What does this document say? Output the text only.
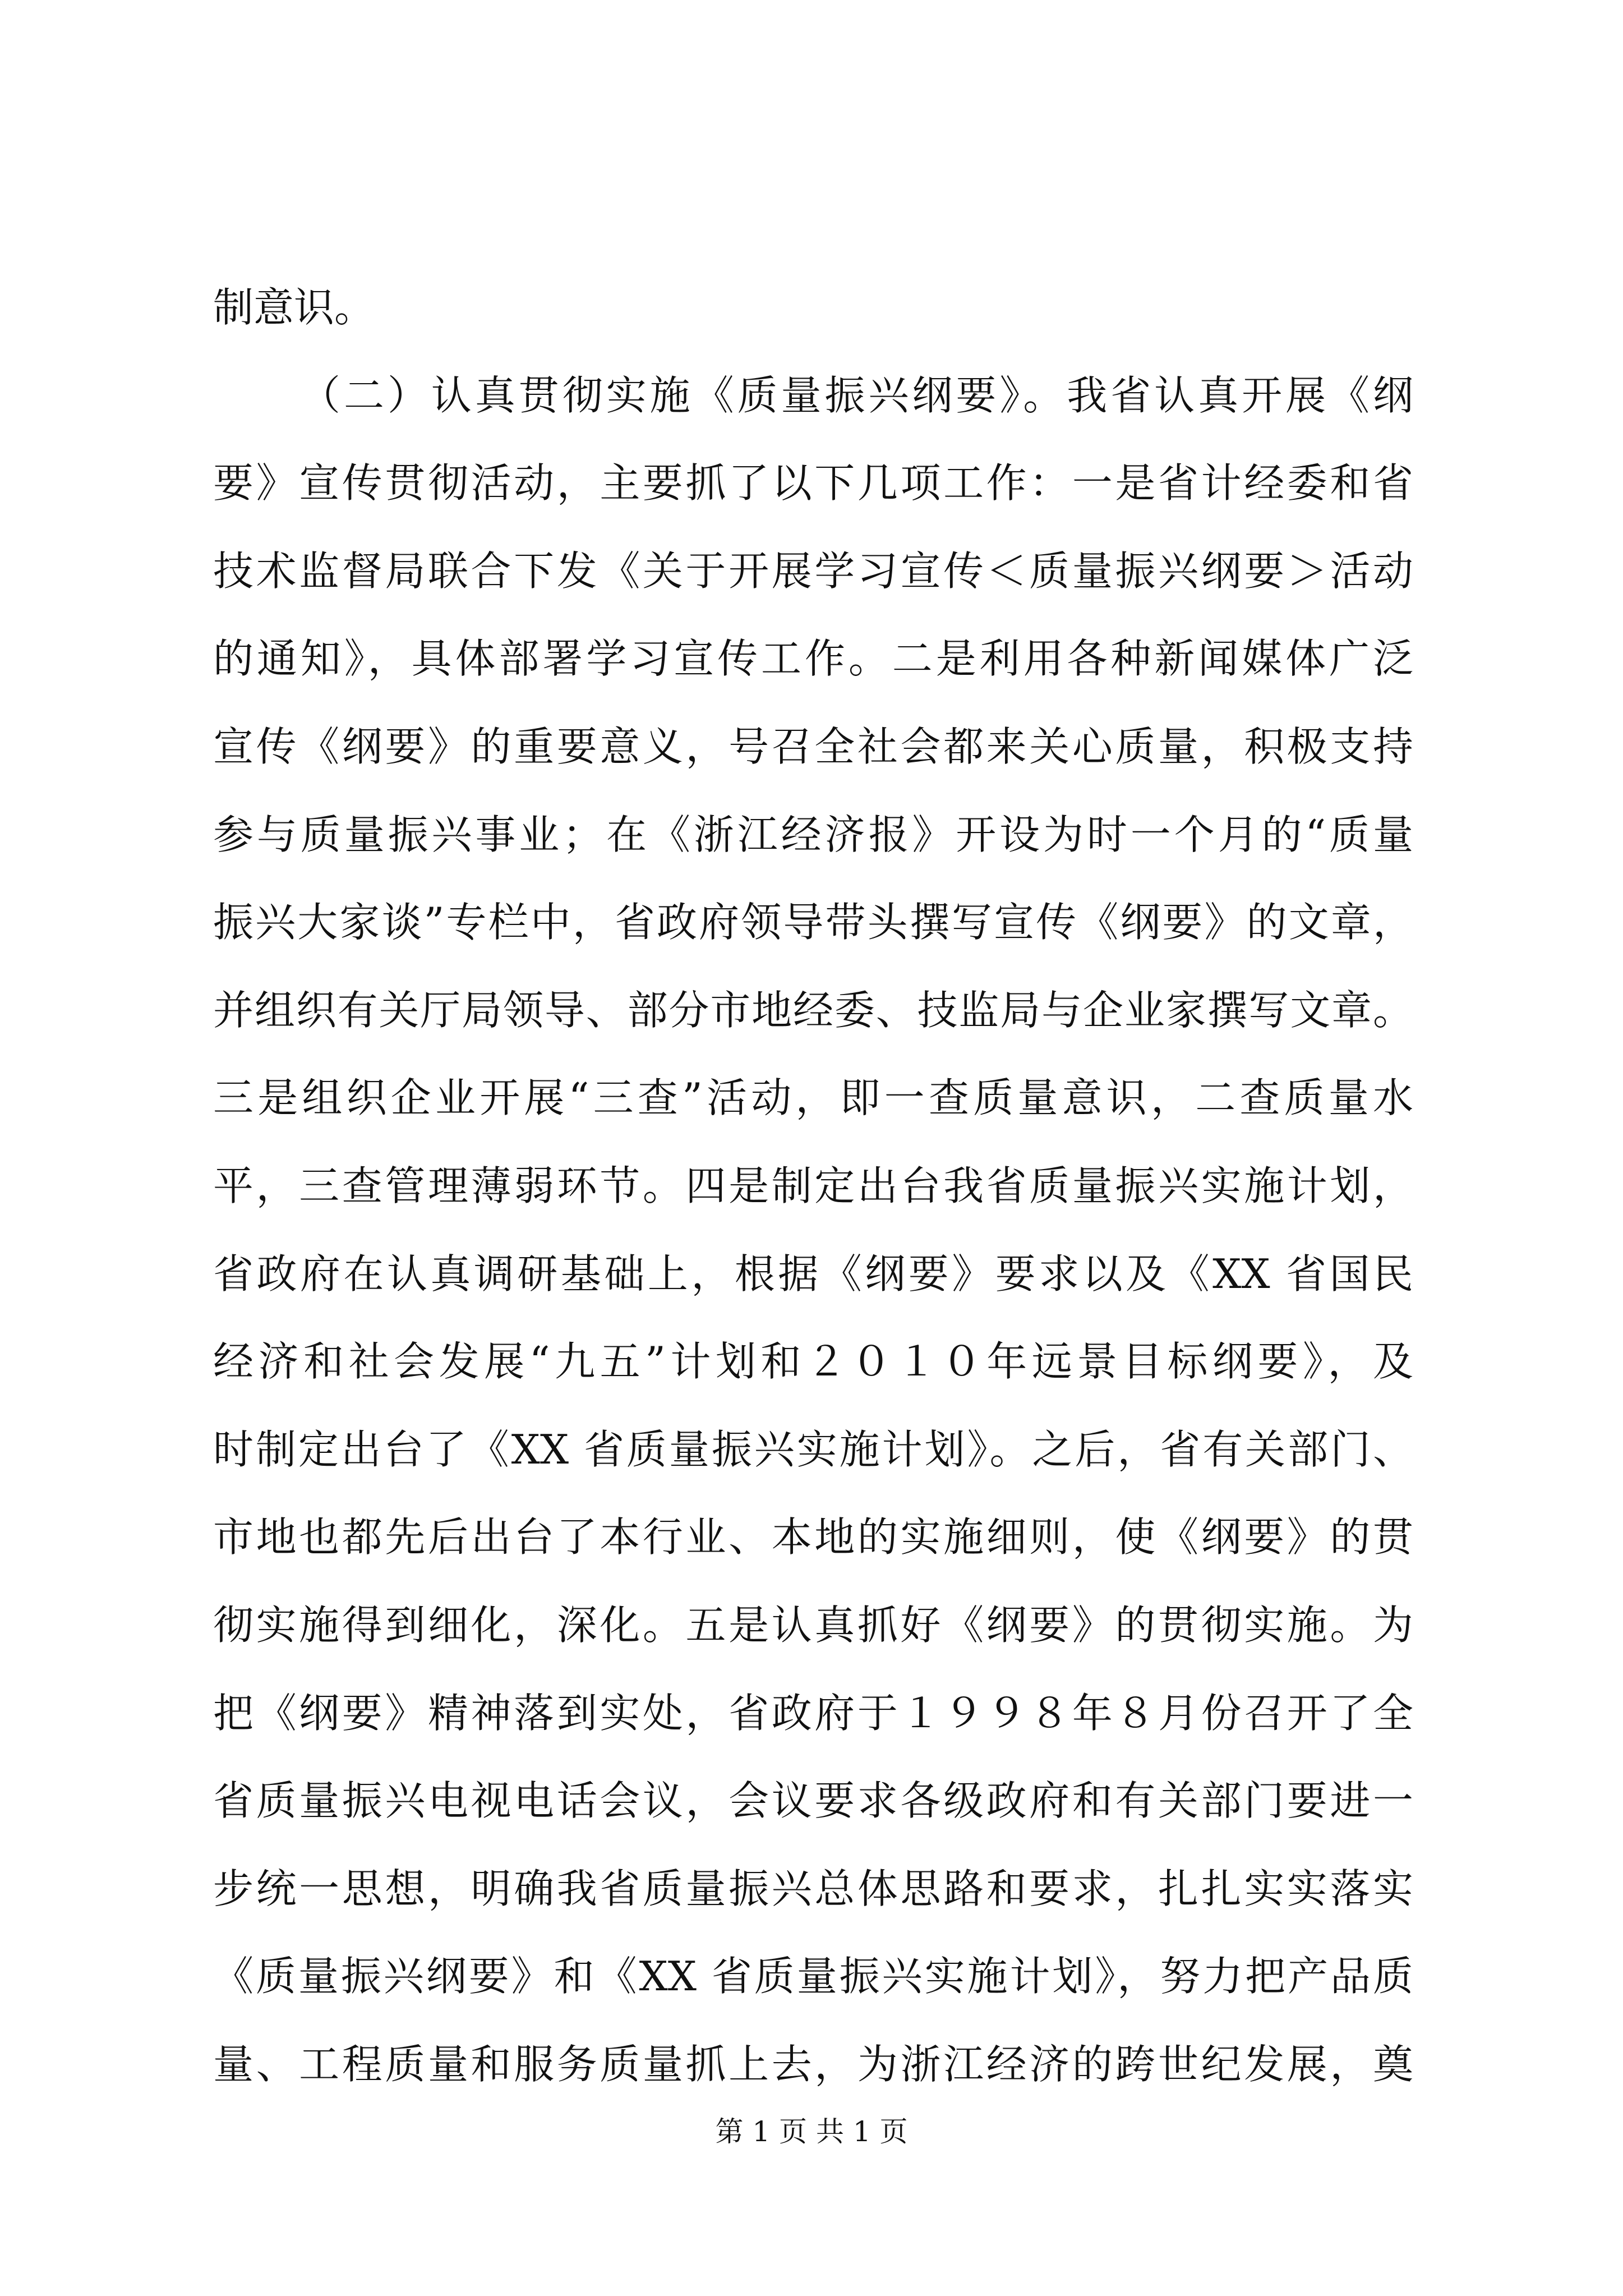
制意识。
（二）认真贯彻实施《质量振兴纲要》。我省认真开展《纲
要》宣传贯彻活动，主要抓了以下几项工作：一是省计经委和省
技术监督局联合下发《关于开展学习宣传＜质量振兴纲要＞活动
的通知》，具体部署学习宣传工作。二是利用各种新闻媒体广泛
宣传《纲要》的重要意义，号召全社会都来关心质量，积极支持
参与质量振兴事业；在《浙江经济报》开设为时一个月的“质量
振兴大家谈”专栏中，省政府领导带头撰写宣传《纲要》的文章，
并组织有关厅局领导、部分市地经委、技监局与企业家撰写文章。
三是组织企业开展“三查”活动，即一查质量意识，二查质量水
平，三查管理薄弱环节。四是制定出台我省质量振兴实施计划，
省政府在认真调研基础上，根据《纲要》要求以及《XX 省国民
经济和社会发展“九五”计划和２０１０年远景目标纲要》，及
时制定出台了《XX 省质量振兴实施计划》。之后，省有关部门、
市地也都先后出台了本行业、本地的实施细则，使《纲要》的贯
彻实施得到细化，深化。五是认真抓好《纲要》的贯彻实施。为
把《纲要》精神落到实处，省政府于１９９８年８月份召开了全
省质量振兴电视电话会议，会议要求各级政府和有关部门要进一
步统一思想，明确我省质量振兴总体思路和要求，扎扎实实落实
《质量振兴纲要》和《XX 省质量振兴实施计划》，努力把产品质
量、工程质量和服务质量抓上去，为浙江经济的跨世纪发展，奠
第 1 页 共 1 页
